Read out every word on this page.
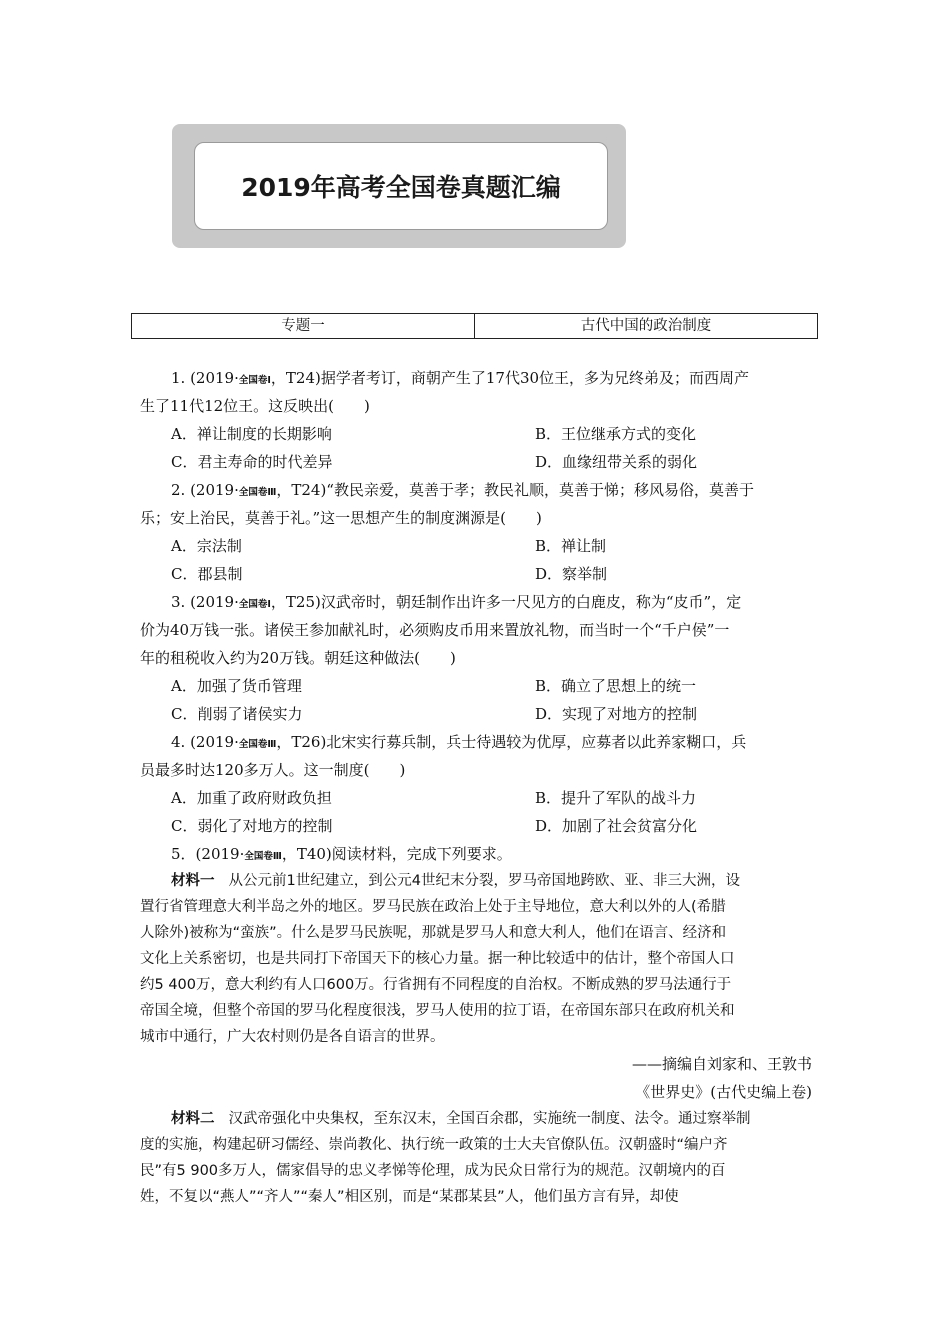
2019年高考全国卷真题汇编
专题一	古代中国的政治制度
1. (2019·全国卷Ⅰ，T24)据学者考订，商朝产生了17代30位王，多为兄终弟及；而西周产
生了11代12位王。这反映出(　　)
A．禅让制度的长期影响	B．王位继承方式的变化
C．君主寿命的时代差异	D．血缘纽带关系的弱化
2. (2019·全国卷Ⅲ，T24)“教民亲爱，莫善于孝；教民礼顺，莫善于悌；移风易俗，莫善于
乐；安上治民，莫善于礼。”这一思想产生的制度渊源是(　　)
A．宗法制	B．禅让制
C．郡县制	D．察举制
3. (2019·全国卷Ⅰ，T25)汉武帝时，朝廷制作出许多一尺见方的白鹿皮，称为“皮币”，定
价为40万钱一张。诸侯王参加献礼时，必须购皮币用来置放礼物，而当时一个“千户侯”一
年的租税收入约为20万钱。朝廷这种做法(　　)
A．加强了货币管理	B．确立了思想上的统一
C．削弱了诸侯实力	D．实现了对地方的控制
4. (2019·全国卷Ⅲ，T26)北宋实行募兵制，兵士待遇较为优厚，应募者以此养家糊口，兵
员最多时达120多万人。这一制度(　　)
A．加重了政府财政负担	B．提升了军队的战斗力
C．弱化了对地方的控制	D．加剧了社会贫富分化
5．(2019·全国卷Ⅲ，T40)阅读材料，完成下列要求。
材料一 从公元前1世纪建立，到公元4世纪末分裂，罗马帝国地跨欧、亚、非三大洲，设
置行省管理意大利半岛之外的地区。罗马民族在政治上处于主导地位，意大利以外的人(希腊
人除外)被称为“蛮族”。什么是罗马民族呢，那就是罗马人和意大利人，他们在语言、经济和
文化上关系密切，也是共同打下帝国天下的核心力量。据一种比较适中的估计，整个帝国人口
约5 400万，意大利约有人口600万。行省拥有不同程度的自治权。不断成熟的罗马法通行于
帝国全境，但整个帝国的罗马化程度很浅，罗马人使用的拉丁语，在帝国东部只在政府机关和
城市中通行，广大农村则仍是各自语言的世界。
——摘编自刘家和、王敦书
《世界史》(古代史编上卷)
材料二 汉武帝强化中央集权，至东汉末，全国百余郡，实施统一制度、法令。通过察举制
度的实施，构建起研习儒经、崇尚教化、执行统一政策的士大夫官僚队伍。汉朝盛时“编户齐
民”有5 900多万人，儒家倡导的忠义孝悌等伦理，成为民众日常行为的规范。汉朝境内的百
姓，不复以“燕人”“齐人”“秦人”相区别，而是“某郡某县”人，他们虽方言有异，却使
